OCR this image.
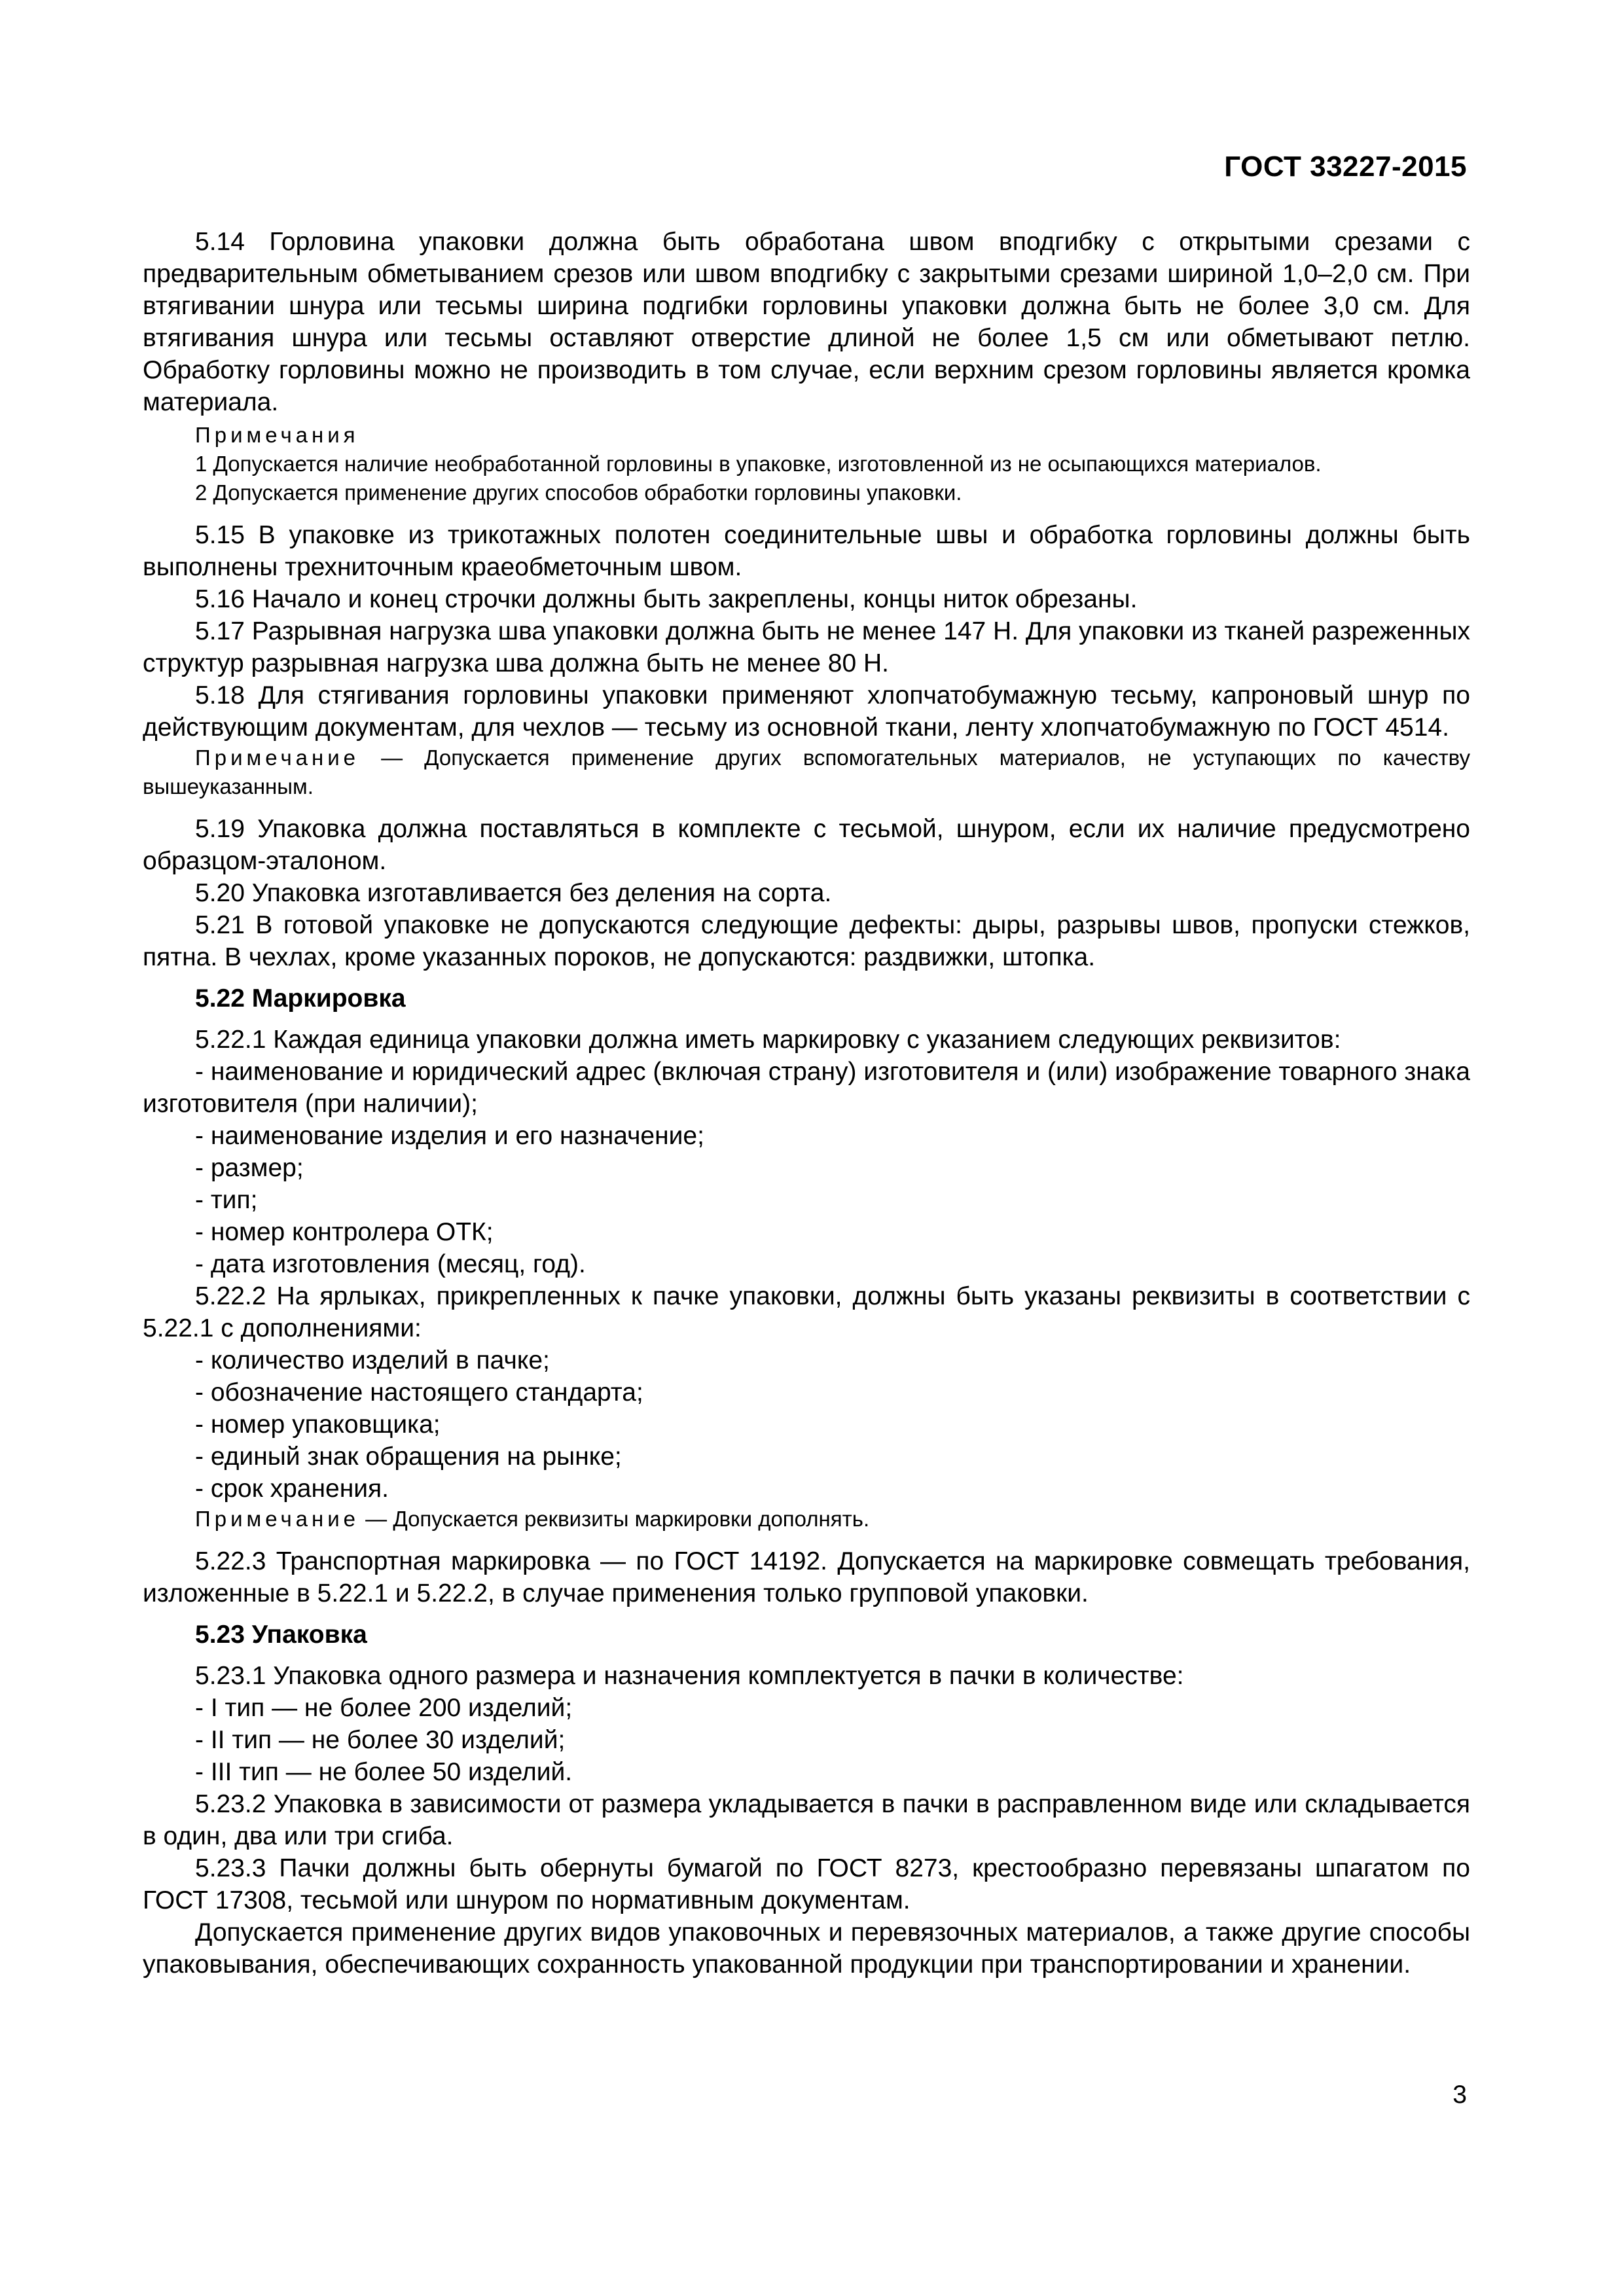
ГОСТ 33227-2015
5.14 Горловина упаковки должна быть обработана швом вподгибку с открытыми срезами с предварительным обметыванием срезов или швом вподгибку с закрытыми срезами шириной 1,0–2,0 см. При втягивании шнура или тесьмы ширина подгибки горловины упаковки должна быть не более 3,0 см. Для втягивания шнура или тесьмы оставляют отверстие длиной не более 1,5 см или обметывают петлю. Обработку горловины можно не производить в том случае, если верхним срезом горловины является кромка материала.
Примечания
1 Допускается наличие необработанной горловины в упаковке, изготовленной из не осыпающихся материалов.
2 Допускается применение других способов обработки горловины упаковки.
5.15 В упаковке из трикотажных полотен соединительные швы и обработка горловины должны быть выполнены трехниточным краеобметочным швом.
5.16 Начало и конец строчки должны быть закреплены, концы ниток обрезаны.
5.17 Разрывная нагрузка шва упаковки должна быть не менее 147 Н. Для упаковки из тканей разреженных структур разрывная нагрузка шва должна быть не менее 80 Н.
5.18 Для стягивания горловины упаковки применяют хлопчатобумажную тесьму, капроновый шнур по действующим документам, для чехлов — тесьму из основной ткани, ленту хлопчатобумажную по ГОСТ 4514.
Примечание — Допускается применение других вспомогательных материалов, не уступающих по качеству вышеуказанным.
5.19 Упаковка должна поставляться в комплекте с тесьмой, шнуром, если их наличие предусмотрено образцом-эталоном.
5.20 Упаковка изготавливается без деления на сорта.
5.21 В готовой упаковке не допускаются следующие дефекты: дыры, разрывы швов, пропуски стежков, пятна. В чехлах, кроме указанных пороков, не допускаются: раздвижки, штопка.
5.22 Маркировка
5.22.1 Каждая единица упаковки должна иметь маркировку с указанием следующих реквизитов:
- наименование и юридический адрес (включая страну) изготовителя и (или) изображение товарного знака изготовителя (при наличии);
- наименование изделия и его назначение;
- размер;
- тип;
- номер контролера ОТК;
- дата изготовления (месяц, год).
5.22.2 На ярлыках, прикрепленных к пачке упаковки, должны быть указаны реквизиты в соответствии с 5.22.1 с дополнениями:
- количество изделий в пачке;
- обозначение настоящего стандарта;
- номер упаковщика;
- единый знак обращения на рынке;
- срок хранения.
Примечание — Допускается реквизиты маркировки дополнять.
5.22.3 Транспортная маркировка — по ГОСТ 14192. Допускается на маркировке совмещать требования, изложенные в 5.22.1 и 5.22.2, в случае применения только групповой упаковки.
5.23 Упаковка
5.23.1 Упаковка одного размера и назначения комплектуется в пачки в количестве:
- I тип — не более 200 изделий;
- II тип — не более 30 изделий;
- III тип — не более 50 изделий.
5.23.2 Упаковка в зависимости от размера укладывается в пачки в расправленном виде или складывается в один, два или три сгиба.
5.23.3 Пачки должны быть обернуты бумагой по ГОСТ 8273, крестообразно перевязаны шпагатом по ГОСТ 17308, тесьмой или шнуром по нормативным документам.
Допускается применение других видов упаковочных и перевязочных материалов, а также другие способы упаковывания, обеспечивающих сохранность упакованной продукции при транспортировании и хранении.
3
